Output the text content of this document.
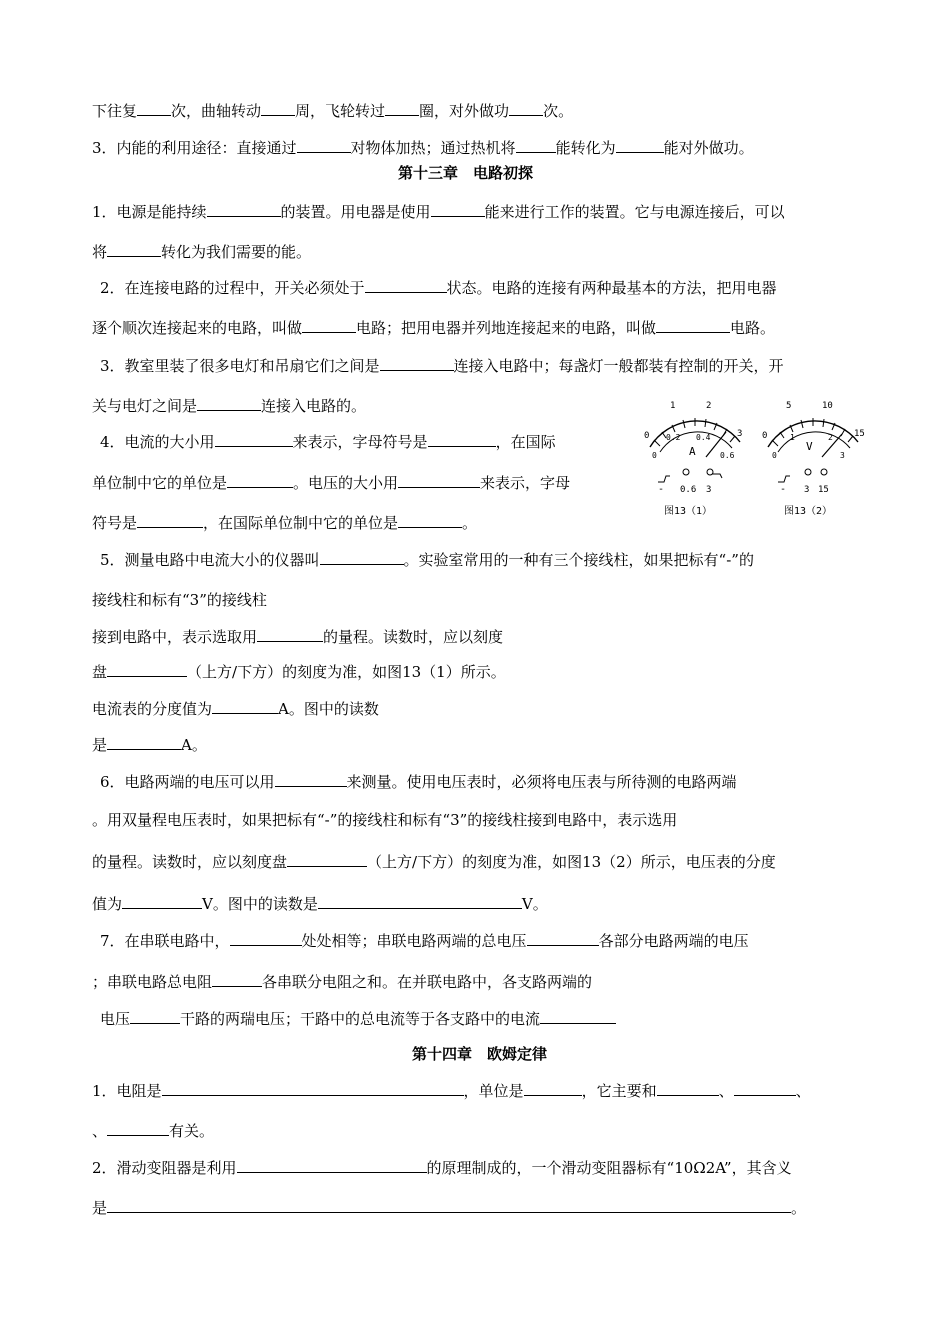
下往复 次，曲轴转动 周，飞轮转过 圈，对外做功 次。
3．内能的利用途径：直接通过	对物体加热；通过热机将	能转化为	能对外做功。
第十三章　电路初探
1．电源是能持续	的装置。用电器是使用	能来进行工作的装置。它与电源连接后，可以
将	转化为我们需要的能。
2．在连接电路的过程中，开关必须处于	状态。电路的连接有两种最基本的方法，把用电器
逐个顺次连接起来的电路，叫做	电路；把用电器并列地连接起来的电路，叫做	电路。
3．教室里装了很多电灯和吊扇它们之间是	连接入电路中；每盏灯一般都装有控制的开关，开
关与电灯之间是	连接入电路的。
4．电流的大小用	来表示，字母符号是	，在国际
单位制中它的单位是	。电压的大小用	来表示，字母
符号是	，在国际单位制中它的单位是	。
5．测量电路中电流大小的仪器叫	。实验室常用的一种有三个接线柱，如果把标有“-”的
接线柱和标有“3”的接线柱
接到电路中，表示选取用	的量程。读数时，应以刻度
盘	（上方/下方）的刻度为准，如图13（1）所示。
电流表的分度值为	A。图中的读数
是	A。
6．电路两端的电压可以用	来测量。使用电压表时，必须将电压表与所待测的电路两端
。用双量程电压表时，如果把标有“-”的接线柱和标有“3”的接线柱接到电路中，表示选用
的量程。读数时，应以刻度盘	（上方/下方）的刻度为准，如图13（2）所示，电压表的分度
值为	V。图中的读数是	V。
7．在串联电路中，	处处相等；串联电路两端的总电压	各部分电路两端的电压
；串联电路总电阻	各串联分电阻之和。在并联电路中，各支路两端的
电压	干路的两瑞电压；干路中的总电流等于各支路中的电流
第十四章　欧姆定律
1．电阻是	，单位是	，它主要和	、	、
、	有关。
2．滑动变阻器是利用	的原理制成的，一个滑动变阻器标有“10Ω2A”，其含义
是	。
0
1	2
3
0
0.2 0.4
0.6
A
- 0.6 3
图13（1）
0
5	10
15
0
1	2
3
V
- 3 15
图13（2）
